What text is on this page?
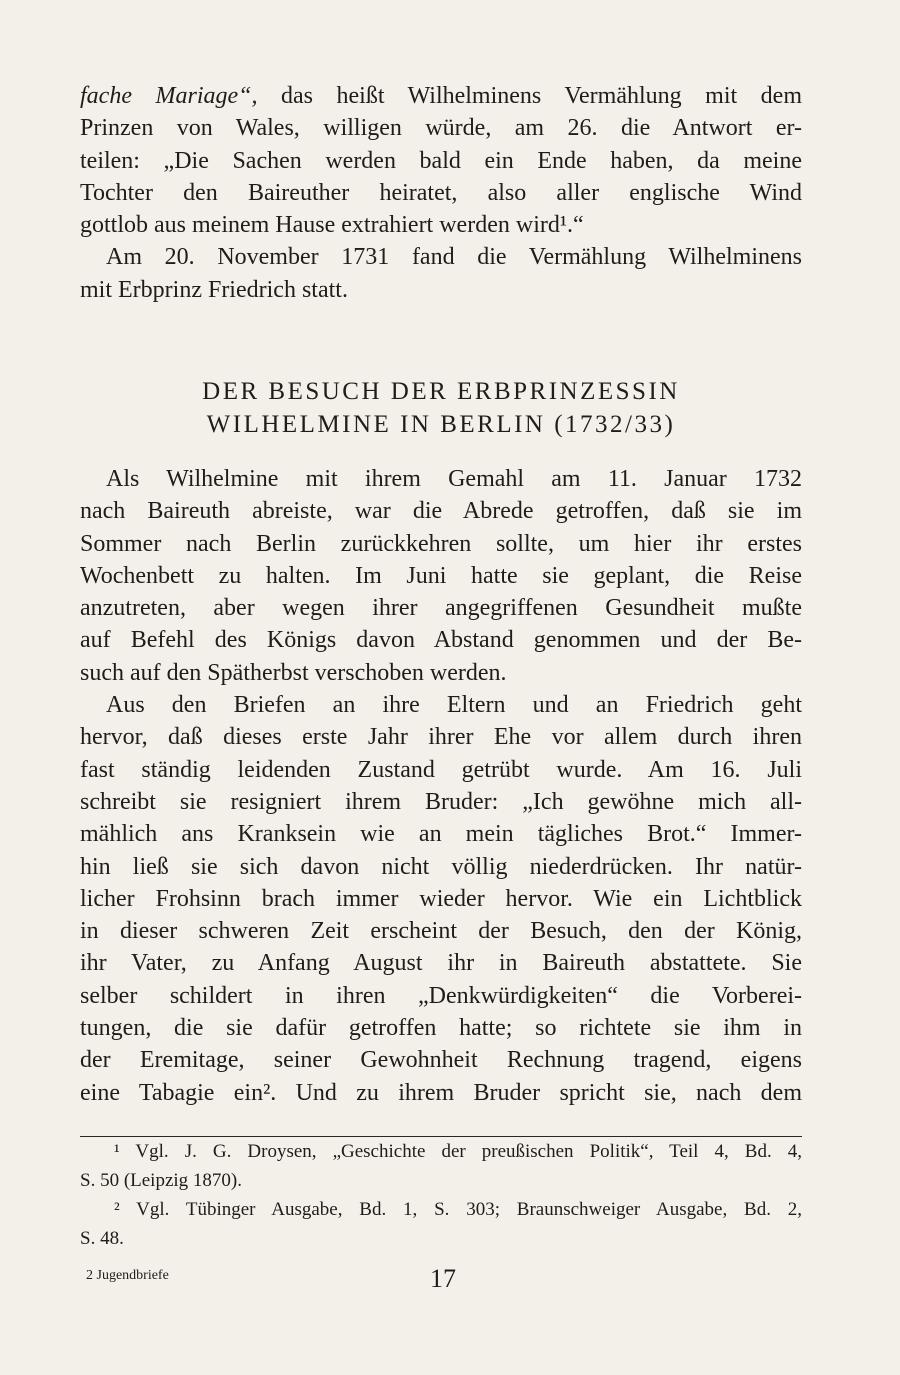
fache Mariage“, das heißt Wilhelminens Vermählung mit dem
Prinzen von Wales, willigen würde, am 26. die Antwort er-
teilen: „Die Sachen werden bald ein Ende haben, da meine
Tochter den Baireuther heiratet, also aller englische Wind
gottlob aus meinem Hause extrahiert werden wird¹.“
Am 20. November 1731 fand die Vermählung Wilhelminens
mit Erbprinz Friedrich statt.
DER BESUCH DER ERBPRINZESSIN
WILHELMINE IN BERLIN (1732/33)
Als Wilhelmine mit ihrem Gemahl am 11. Januar 1732
nach Baireuth abreiste, war die Abrede getroffen, daß sie im
Sommer nach Berlin zurückkehren sollte, um hier ihr erstes
Wochenbett zu halten. Im Juni hatte sie geplant, die Reise
anzutreten, aber wegen ihrer angegriffenen Gesundheit mußte
auf Befehl des Königs davon Abstand genommen und der Be-
such auf den Spätherbst verschoben werden.
Aus den Briefen an ihre Eltern und an Friedrich geht
hervor, daß dieses erste Jahr ihrer Ehe vor allem durch ihren
fast ständig leidenden Zustand getrübt wurde. Am 16. Juli
schreibt sie resigniert ihrem Bruder: „Ich gewöhne mich all-
mählich ans Kranksein wie an mein tägliches Brot.“ Immer-
hin ließ sie sich davon nicht völlig niederdrücken. Ihr natür-
licher Frohsinn brach immer wieder hervor. Wie ein Lichtblick
in dieser schweren Zeit erscheint der Besuch, den der König,
ihr Vater, zu Anfang August ihr in Baireuth abstattete. Sie
selber schildert in ihren „Denkwürdigkeiten“ die Vorberei-
tungen, die sie dafür getroffen hatte; so richtete sie ihm in
der Eremitage, seiner Gewohnheit Rechnung tragend, eigens
eine Tabagie ein². Und zu ihrem Bruder spricht sie, nach dem
¹ Vgl. J. G. Droysen, „Geschichte der preußischen Politik“, Teil 4, Bd. 4,
S. 50 (Leipzig 1870).
² Vgl. Tübinger Ausgabe, Bd. 1, S. 303; Braunschweiger Ausgabe, Bd. 2,
S. 48.
2 Jugendbriefe	17
